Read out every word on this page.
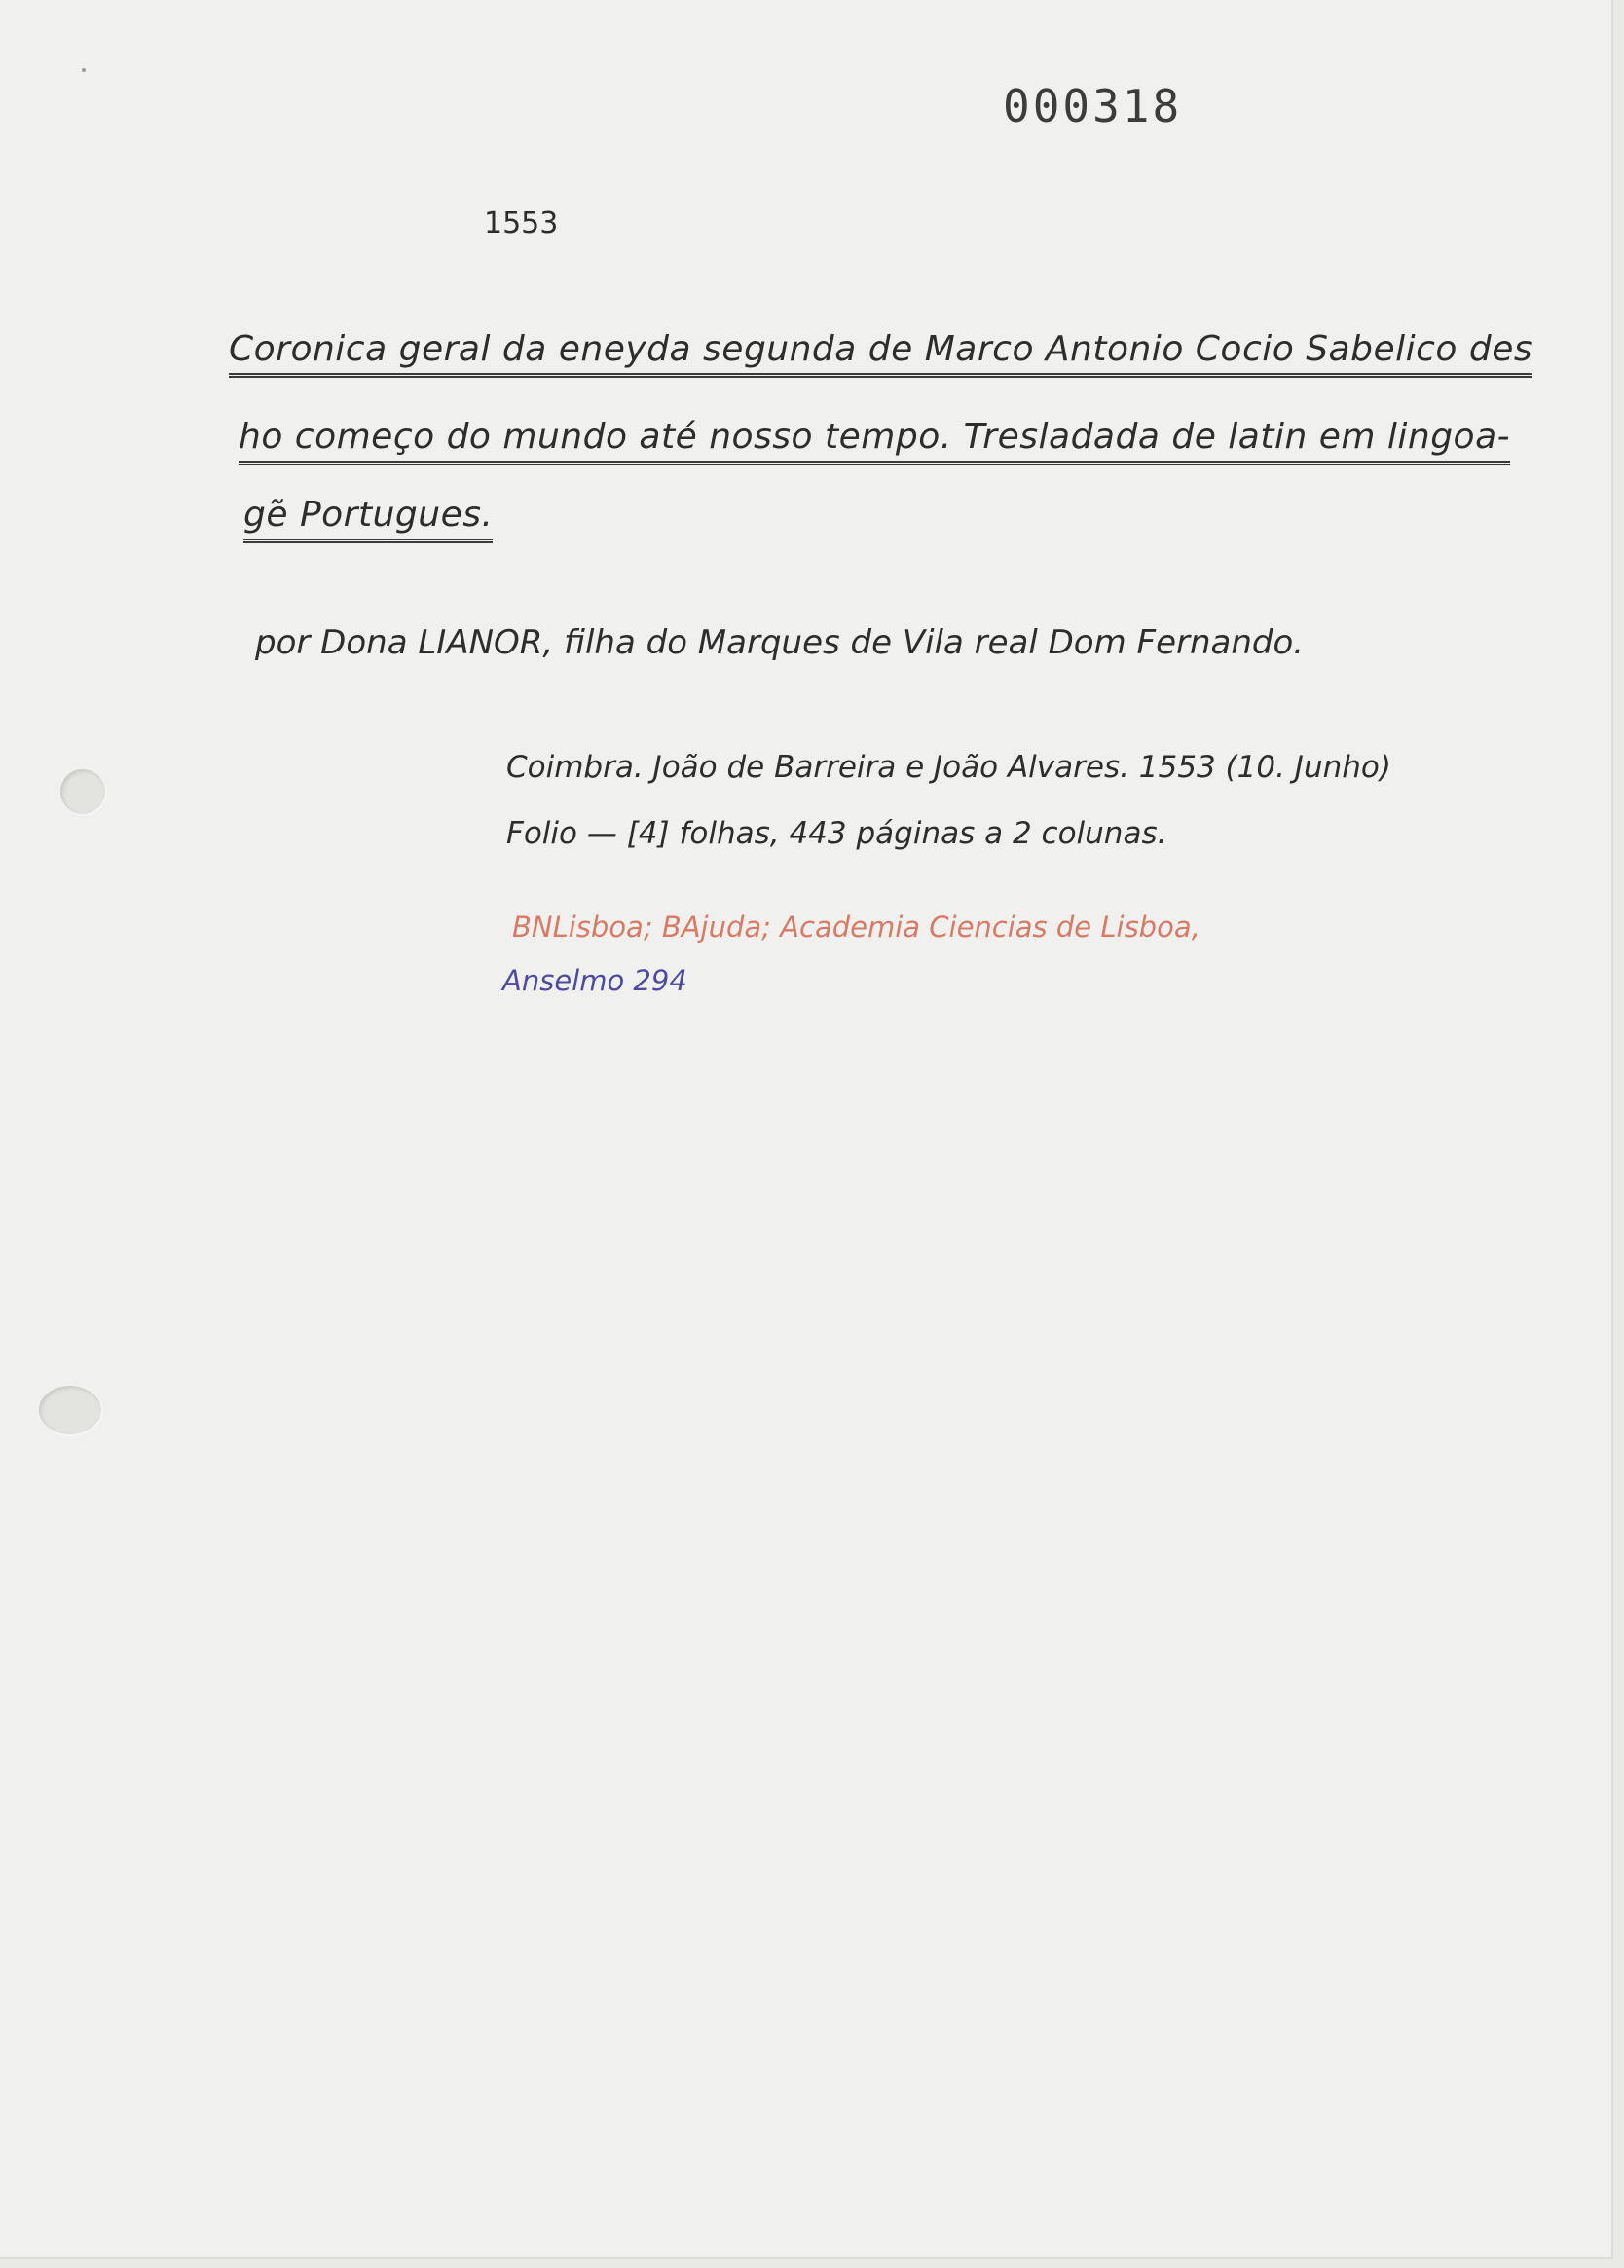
000318
1553
Coronica geral da eneyda segunda de Marco Antonio Cocio Sabelico des
ho começo do mundo até nosso tempo. Tresladada de latin em lingoa-
gẽ Portugues.
por Dona LIANOR, filha do Marques de Vila real Dom Fernando.
Coimbra. João de Barreira e João Alvares. 1553 (10. Junho)
Folio — [4] folhas, 443 páginas a 2 colunas.
BNLisboa; BAjuda; Academia Ciencias de Lisboa,
Anselmo 294
